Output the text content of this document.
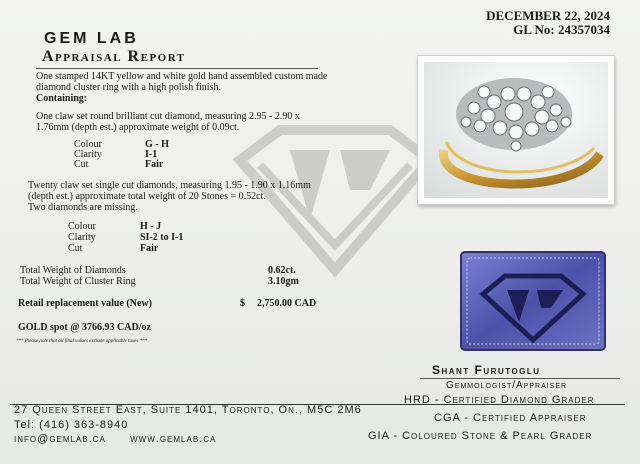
DECEMBER 22, 2024
GL No: 24357034
GEM LAB
Appraisal Report
One stamped 14KT yellow and white gold hand assembled custom made
diamond cluster ring with a high polish finish.
Containing:
One claw set round brilliant cut diamond, measuring 2.95 - 2.90 x
1.76mm (depth est.) approximate weight of 0.09ct.
Colour	G - H
Clarity	I-1
Cut	Fair
Twenty claw set single cut diamonds, measuring 1.95 - 1.90 x 1.16mm
(depth est.) approximate total weight of 20 Stones = 0.52ct.
Two diamonds are missing.
Colour	H - J
Clarity	SI-2 to I-1
Cut	Fair
Total Weight of Diamonds	0.62ct.
Total Weight of Cluster Ring	3.10gm
Retail replacement value (New)	$ 2,750.00 CAD
GOLD spot @ 3766.93 CAD/oz
*** Please note that all final values exclude applicable taxes ***
Shant Furutoglu
Gemmologist/Appraiser
27 Queen Street East, Suite 1401, Toronto, On., M5C 2M6
Tel: (416) 363-8940
info@gemlab.ca      www.gemlab.ca
HRD - Certified Diamond Grader
CGA - Certified Appraiser
GIA - Coloured Stone & Pearl Grader
